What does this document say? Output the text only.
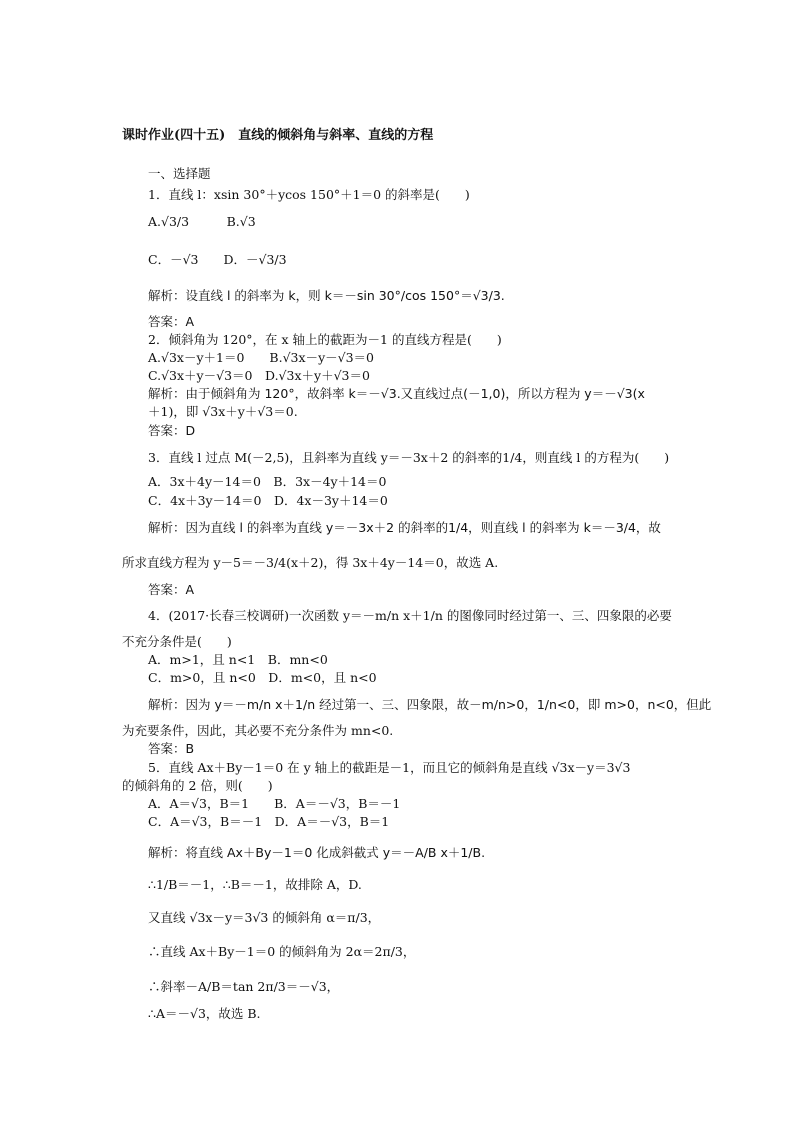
课时作业(四十五)　直线的倾斜角与斜率、直线的方程
一、选择题
1．直线 l：xsin 30°＋ycos 150°＋1＝0 的斜率是(　　)
A.√3/3　　　B.√3
C．－√3　　D．－√3/3
解析：设直线 l 的斜率为 k，则 k＝－sin 30°/cos 150°＝√3/3.
答案：A
2．倾斜角为 120°，在 x 轴上的截距为－1 的直线方程是(　　)
A.√3x－y＋1＝0　　B.√3x－y－√3＝0
C.√3x＋y－√3＝0　D.√3x＋y＋√3＝0
解析：由于倾斜角为 120°，故斜率 k＝－√3.又直线过点(－1,0)，所以方程为 y＝－√3(x
＋1)，即 √3x＋y＋√3＝0.
答案：D
3．直线 l 过点 M(－2,5)，且斜率为直线 y＝－3x＋2 的斜率的1/4，则直线 l 的方程为(　　)
A．3x＋4y－14＝0　B．3x－4y＋14＝0
C．4x＋3y－14＝0　D．4x－3y＋14＝0
解析：因为直线 l 的斜率为直线 y＝－3x＋2 的斜率的1/4，则直线 l 的斜率为 k＝－3/4，故
所求直线方程为 y－5＝－3/4(x＋2)，得 3x＋4y－14＝0，故选 A.
答案：A
4．(2017·长春三校调研)一次函数 y＝－m/n x＋1/n 的图像同时经过第一、三、四象限的必要
不充分条件是(　　)
A．m>1，且 n<1　B．mn<0
C．m>0，且 n<0　D．m<0，且 n<0
解析：因为 y＝－m/n x＋1/n 经过第一、三、四象限，故－m/n>0，1/n<0，即 m>0，n<0，但此
为充要条件，因此，其必要不充分条件为 mn<0.
答案：B
5．直线 Ax＋By－1＝0 在 y 轴上的截距是－1，而且它的倾斜角是直线 √3x－y＝3√3
的倾斜角的 2 倍，则(　　)
A．A＝√3，B＝1　　B．A＝－√3，B＝－1
C．A＝√3，B＝－1　D．A＝－√3，B＝1
解析：将直线 Ax＋By－1＝0 化成斜截式 y＝－A/B x＋1/B.
∴1/B＝－1，∴B＝－1，故排除 A，D.
又直线 √3x－y＝3√3 的倾斜角 α＝π/3，
∴直线 Ax＋By－1＝0 的倾斜角为 2α＝2π/3，
∴斜率－A/B＝tan 2π/3＝－√3，
∴A＝－√3，故选 B.
